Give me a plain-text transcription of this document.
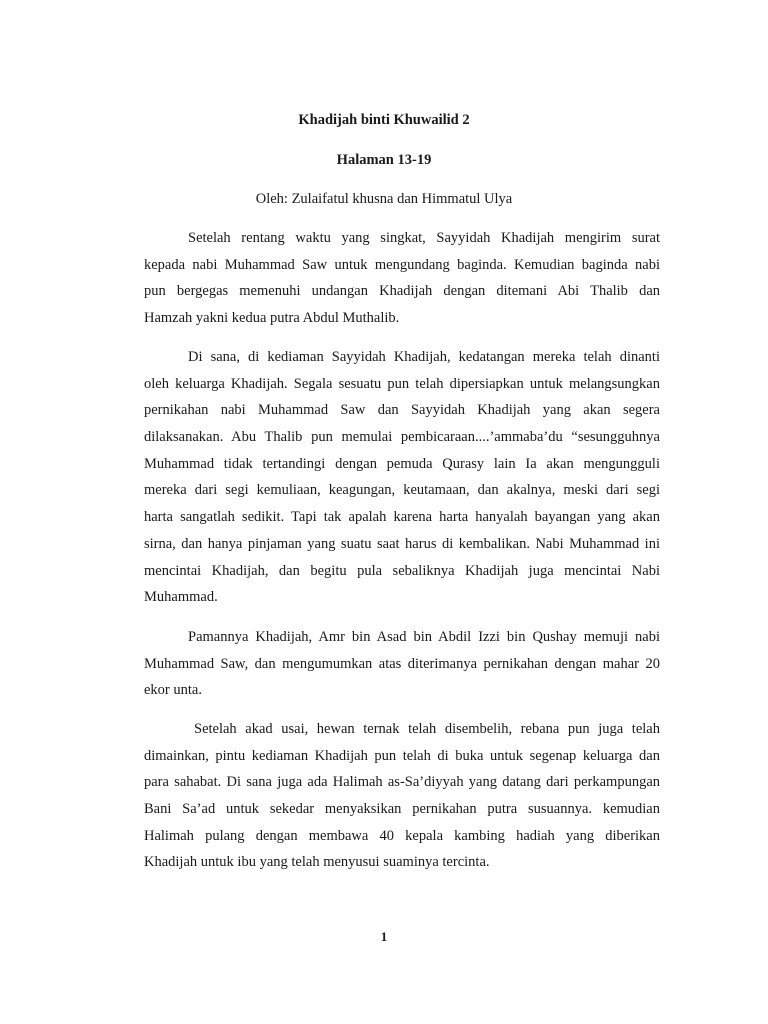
Khadijah binti Khuwailid 2
Halaman 13-19

Oleh: Zulaifatul khusna dan Himmatul Ulya

Setelah rentang waktu yang singkat, Sayyidah Khadijah mengirim surat
kepada nabi Muhammad Saw untuk mengundang baginda. Kemudian baginda nabi
pun bergegas memenuhi undangan Khadijah dengan ditemani Abi Thalib dan
Hamzah yakni kedua putra Abdul Muthalib.

Di sana, di kediaman Sayyidah Khadijah, kedatangan mereka telah dinanti
oleh keluarga Khadijah. Segala sesuatu pun telah dipersiapkan untuk melangsungkan
pernikahan nabi Muhammad Saw dan Sayyidah Khadijah yang akan segera
dilaksanakan. Abu Thalib pun memulai pembicaraan....’ammaba’du “sesungguhnya
Muhammad tidak tertandingi dengan pemuda Qurasy lain Ia akan mengungguli
mereka dari segi kemuliaan, keagungan, keutamaan, dan akalnya, meski dari segi
harta sangatlah sedikit. Tapi tak apalah karena harta hanyalah bayangan yang akan
sirna, dan hanya pinjaman yang suatu saat harus di kembalikan. Nabi Muhammad ini
mencintai Khadijah, dan begitu pula sebaliknya Khadijah juga mencintai Nabi
Muhammad.

Pamannya Khadijah, Amr bin Asad bin Abdil Izzi bin Qushay memuji nabi
Muhammad Saw, dan mengumumkan atas diterimanya pernikahan dengan mahar 20
ekor unta.

Setelah akad usai, hewan ternak telah disembelih, rebana pun juga telah
dimainkan, pintu kediaman Khadijah pun telah di buka untuk segenap keluarga dan
para sahabat. Di sana juga ada Halimah as-Sa’diyyah yang datang dari perkampungan
Bani Sa’ad untuk sekedar menyaksikan pernikahan putra susuannya. kemudian
Halimah pulang dengan membawa 40 kepala kambing hadiah yang diberikan
Khadijah untuk ibu yang telah menyusui suaminya tercinta.

1
